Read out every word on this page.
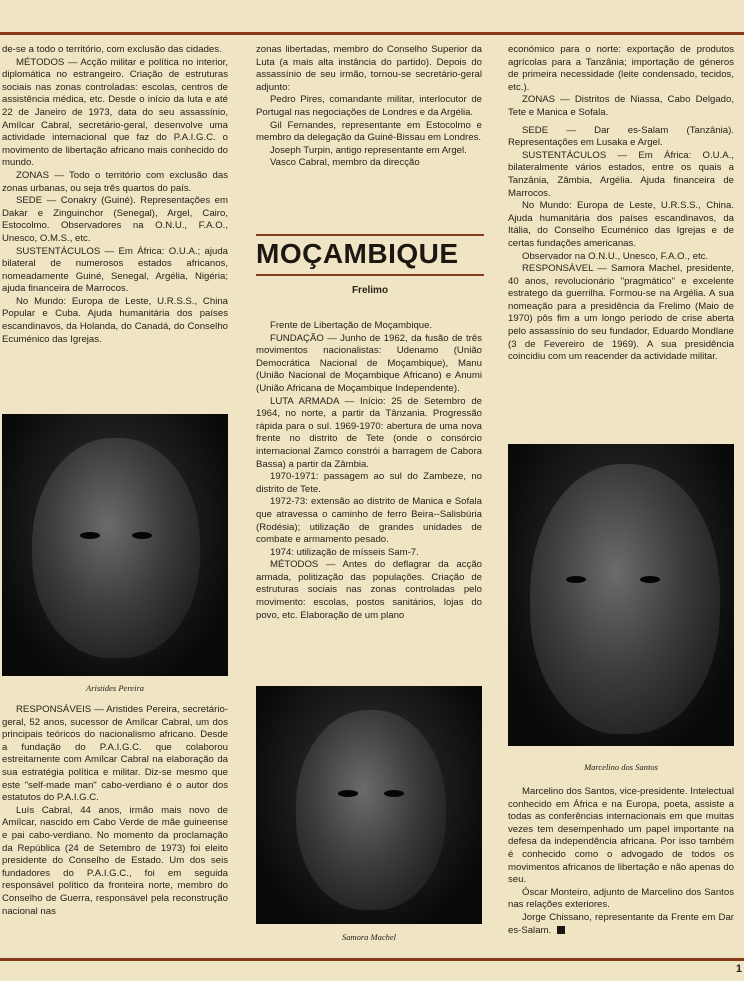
de-se a todo o território, com exclusão das cidades.

MÉTODOS — Acção militar e política no interior, diplomática no estrangeiro. Criação de estruturas sociais nas zonas controladas: escolas, centros de assistência médica, etc. Desde o início da luta e até 22 de Janeiro de 1973, data do seu assassínio, Amílcar Cabral, secretário-geral, desenvolve uma actividade internacional que faz do P.A.I.G.C. o movimento de libertação africano mais conhecido do mundo.

ZONAS — Todo o território com exclusão das zonas urbanas, ou seja três quartos do país.

SEDE — Conakry (Guiné). Representações em Dakar e Zinguinchor (Senegal), Argel, Cairo, Estocolmo. Observadores na O.N.U., F.A.O., Unesco, O.M.S., etc.

SUSTENTÁCULOS — Em África: O.U.A.; ajuda bilateral de numerosos estados africanos, nomeadamente Guiné, Senegal, Argélia, Nigéria; ajuda financeira de Marrocos.

No Mundo: Europa de Leste, U.R.S.S., China Popular e Cuba. Ajuda humanitária dos países escandinavos, da Holanda, do Canadá, do Conselho Ecuménico das Igrejas.

Aristides Pereira

RESPONSÁVEIS — Aristides Pereira, secretário-geral, 52 anos, sucessor de Amílcar Cabral, um dos principais teóricos do nacionalismo africano. Desde a fundação do P.A.I.G.C. que colaborou estreitamente com Amílcar Cabral na elaboração da sua estratégia política e militar. Diz-se mesmo que este "self-made man" cabo-verdiano é o autor dos estatutos do P.A.I.G.C.

Luís Cabral, 44 anos, irmão mais novo de Amílcar, nascido em Cabo Verde de mãe guineense e pai cabo-verdiano. No momento da proclamação da República (24 de Setembro de 1973) foi eleito presidente do Conselho de Estado. Um dos seis fundadores do P.A.I.G.C., foi em seguida responsável político da fronteira norte, membro do Conselho de Guerra, responsável pela reconstrução nacional nas

zonas libertadas, membro do Conselho Superior da Luta (a mais alta instância do partido). Depois do assassínio de seu irmão, tornou-se secretário-geral adjunto:

Pedro Pires, comandante militar, interlocutor de Portugal nas negociações de Londres e da Argélia.

Gil Fernandes, representante em Estocolmo e membro da delegação da Guiné-Bissau em Londres.

Joseph Turpin, antigo representante em Argel.

Vasco Cabral, membro da direcção

MOÇAMBIQUE
Frelimo

Frente de Libertação de Moçambique.

FUNDAÇÃO — Junho de 1962, da fusão de três movimentos nacionalistas: Udenamo (União Democrática Nacional de Moçambique), Manu (União Nacional de Moçambique Africano) e Anumi (União Africana de Moçambique Independente).

LUTA ARMADA — Início: 25 de Setembro de 1964, no norte, a partir da Tânzania. Progressão rápida para o sul. 1969-1970: abertura de uma nova frente no distrito de Tete (onde o consórcio internacional Zamco constrói a barragem de Cabora Bassa) a partir da Zâmbia.

1970-1971: passagem ao sul do Zambeze, no distrito de Tete.

1972-73: extensão ao distrito de Manica e Sofala que atravessa o caminho de ferro Beira--Salisbúria (Rodésia); utilização de grandes unidades de combate e armamento pesado.

1974: utilização de mísseis Sam-7.

MÉTODOS — Antes do deflagrar da acção armada, politização das populações. Criação de estruturas sociais nas zonas controladas pelo movimento: escolas, postos sanitários, lojas do povo, etc. Elaboração de um plano

Samora Machel

económico para o norte: exportação de produtos agrícolas para a Tanzânia; importação de géneros de primeira necessidade (leite condensado, tecidos, etc.).

ZONAS — Distritos de Niassa, Cabo Delgado, Tete e Manica e Sofala.

SEDE — Dar es-Salam (Tanzânia). Representações em Lusaka e Argel.

SUSTENTÁCULOS — Em África: O.U.A., bilateralmente vários estados, entre os quais a Tanzânia, Zâmbia, Argélia. Ajuda financeira de Marrocos.

No Mundo: Europa de Leste, U.R.S.S., China. Ajuda humanitária dos países escandinavos, da Itália, do Conselho Ecuménico das Igrejas e de certas fundações americanas.

Observador na O.N.U., Unesco, F.A.O., etc.

RESPONSÁVEL — Samora Machel, presidente, 40 anos, revolucionário "pragmático" e excelente estratego da guerrilha. Formou-se na Argélia. A sua nomeação para a presidência da Frelimo (Maio de 1970) pôs fim a um longo período de crise aberta pelo assassínio do seu fundador, Eduardo Mondlane (3 de Fevereiro de 1969). A sua presidência coincidiu com um reacender da actividade militar.

Marcelino dos Santos

Marcelino dos Santos, vice-presidente. Intelectual conhecido em África e na Europa, poeta, assiste a todas as conferências internacionais em que muitas vezes tem desempenhado um papel importante na defesa da independência africana. Por isso também é conhecido como o advogado de todos os movimentos africanos de libertação e não apenas do seu.

Óscar Monteiro, adjunto de Marcelino dos Santos nas relações exteriores.

Jorge Chissano, representante da Frente em Dar es-Salam.

1
